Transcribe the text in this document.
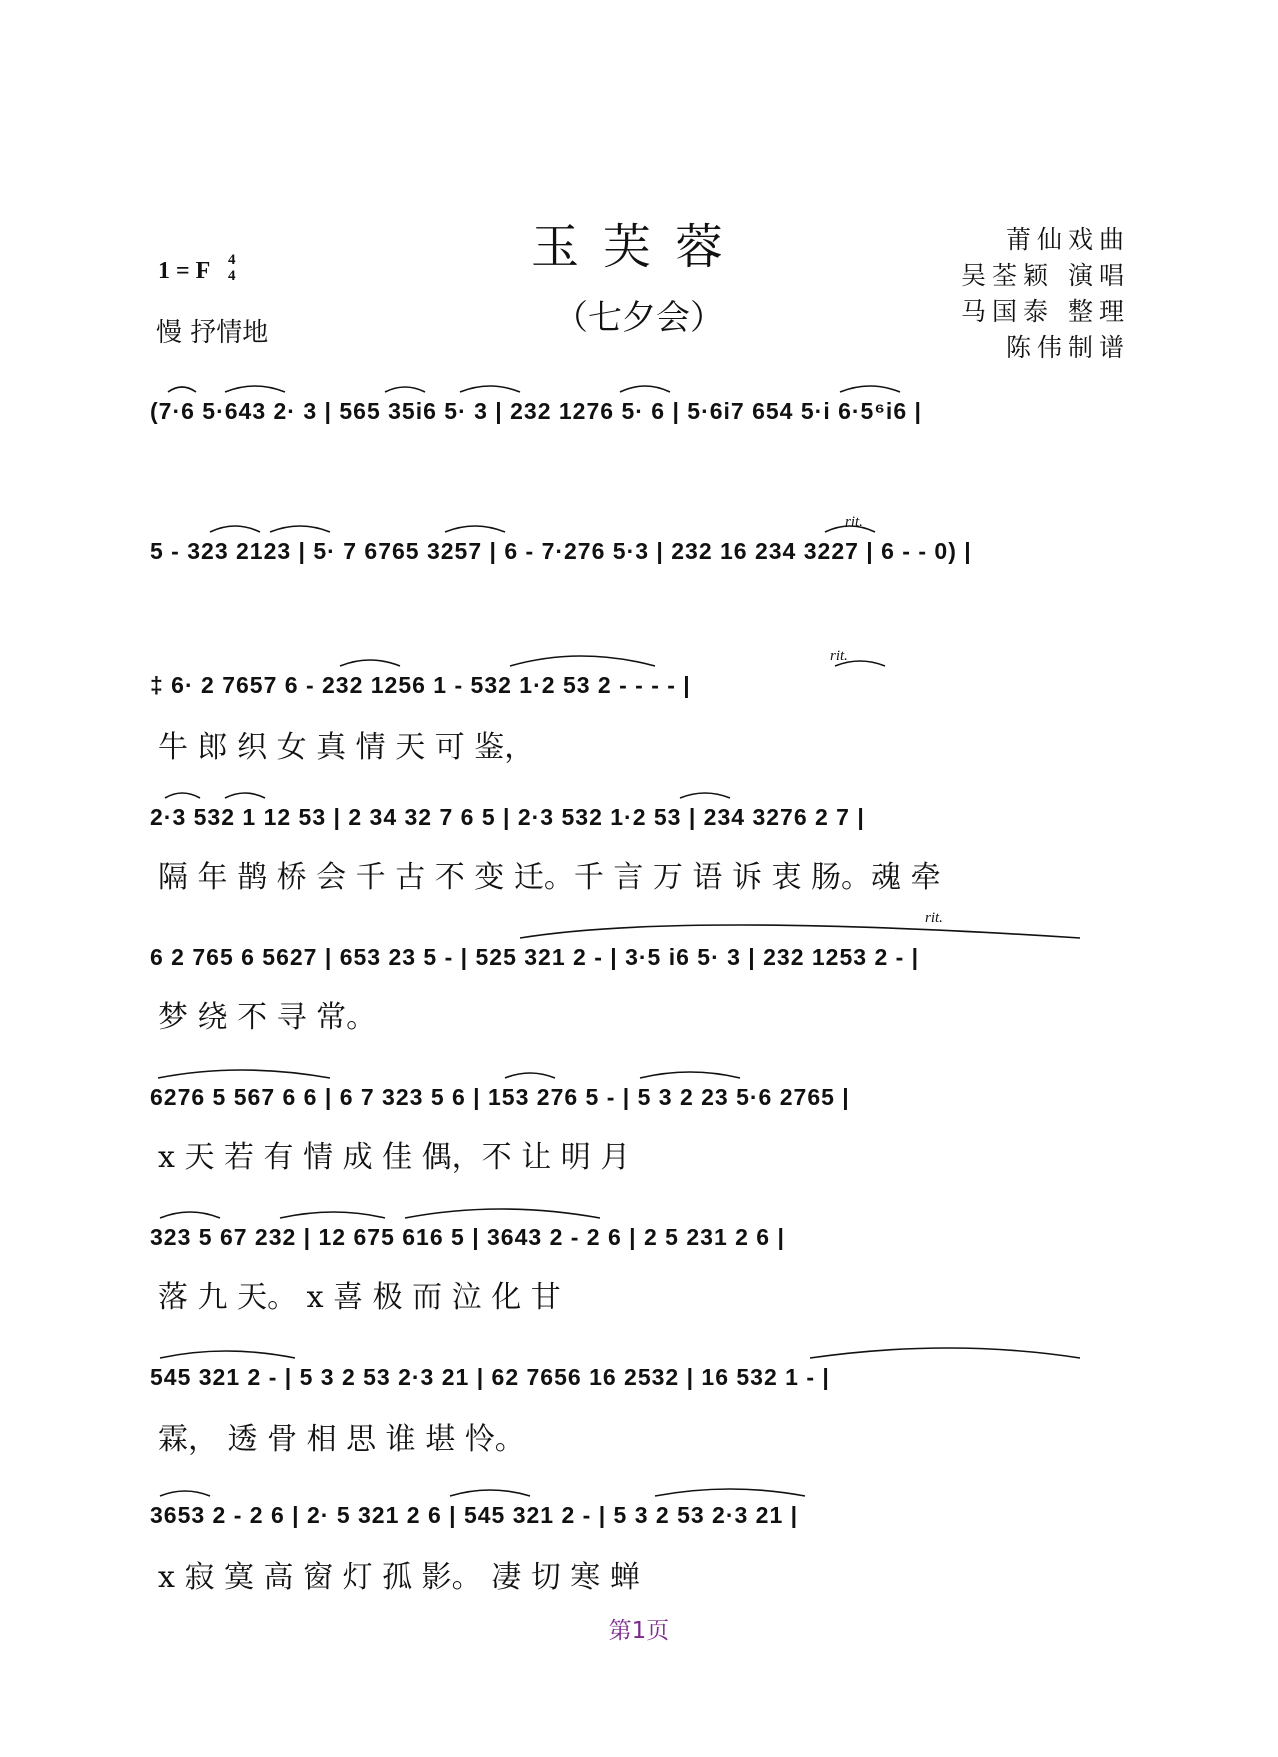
玉芙蓉
（七夕会）
1 = F 4
4
慢 抒情地
莆仙戏曲
吴荃颖 演唱
马国泰 整理
陈伟制谱
(7·6 5·643 2· 3 | 565 35i6 5· 3 | 232 1276 5· 6 | 5·6i7 654 5·i 6·5⁶i6 |
rit.
5 - 323 2123 | 5· 7 6765 3257 | 6 - 7·276 5·3 | 232 16 234 3227 | 6 - - 0) |
rit.
‡ 6· 2 7657 6 - 232 1256 1 - 532 1·2 53 2 - - - - |
牛 郎 织 女 真 情 天 可 鉴，
2·3 532 1 12 53 | 2 34 32 7 6 5 | 2·3 532 1·2 53 | 234 3276 2 7 |
隔 年 鹊 桥 会 千 古 不 变 迁。千 言 万 语 诉 衷 肠。魂 牵
rit.
6 2 765 6 5627 | 653 23 5 - | 525 321 2 - | 3·5 i6 5· 3 | 232 1253 2 - |
梦 绕 不 寻 常。
6276 5 567 6 6 | 6 7 323 5 6 | 153 276 5 - | 5 3 2 23 5·6 2765 |
x 天 若 有 情 成 佳 偶，不 让 明 月
323 5 67 232 | 12 675 616 5 | 3643 2 - 2 6 | 2 5 231 2 6 |
落 九 天。 x 喜 极 而 泣 化 甘
545 321 2 - | 5 3 2 53 2·3 21 | 62 7656 16 2532 | 16 532 1 - |
霖， 透 骨 相 思 谁 堪 怜。
3653 2 - 2 6 | 2· 5 321 2 6 | 545 321 2 - | 5 3 2 53 2·3 21 |
x 寂 寞 高 窗 灯 孤 影。 凄 切 寒 蝉
第1页
